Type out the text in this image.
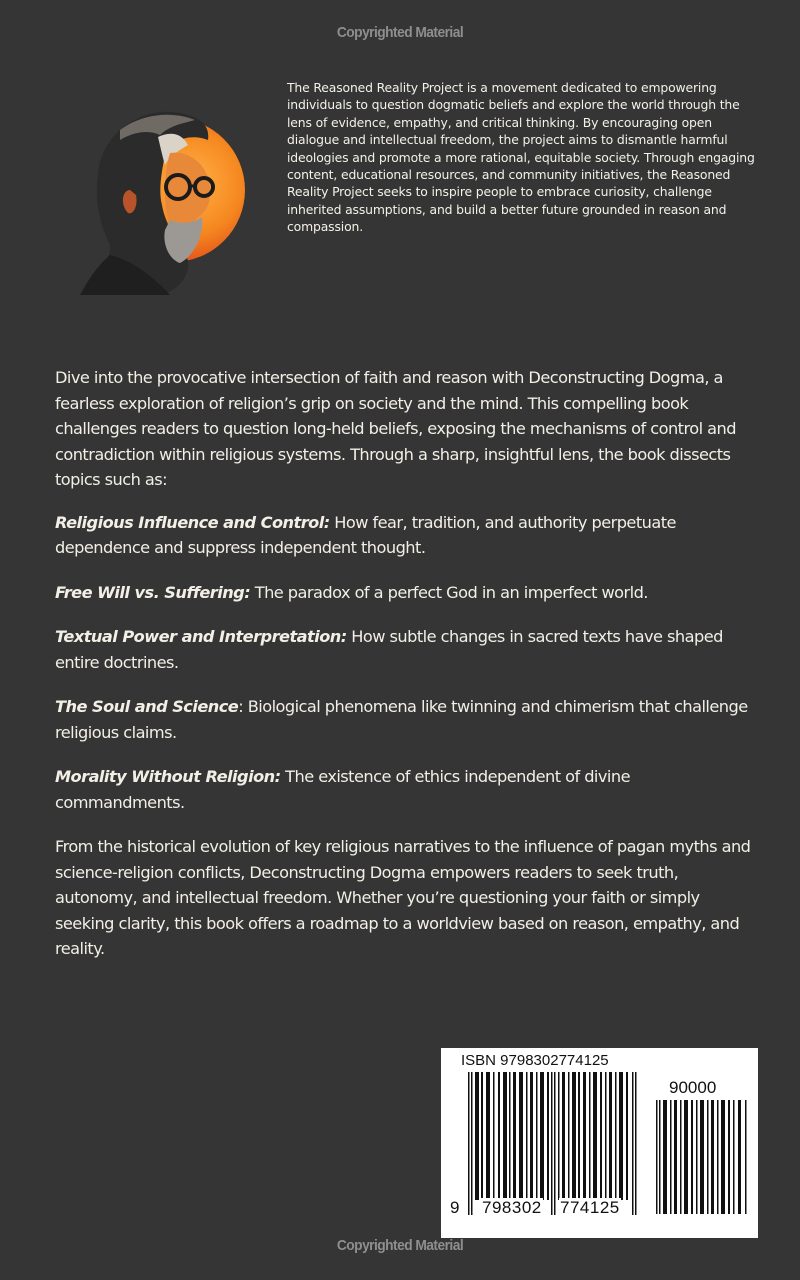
Copyrighted Material
The Reasoned Reality Project is a movement dedicated to empowering individuals to question dogmatic beliefs and explore the world through the lens of evidence, empathy, and critical thinking. By encouraging open dialogue and intellectual freedom, the project aims to dismantle harmful ideologies and promote a more rational, equitable society. Through engaging content, educational resources, and community initiatives, the Reasoned Reality Project seeks to inspire people to embrace curiosity, challenge inherited assumptions, and build a better future grounded in reason and compassion.

Dive into the provocative intersection of faith and reason with Deconstructing Dogma, a fearless exploration of religion’s grip on society and the mind. This compelling book challenges readers to question long-held beliefs, exposing the mechanisms of control and contradiction within religious systems. Through a sharp, insightful lens, the book dissects topics such as:

Religious Influence and Control: How fear, tradition, and authority perpetuate dependence and suppress independent thought.

Free Will vs. Suffering: The paradox of a perfect God in an imperfect world.

Textual Power and Interpretation: How subtle changes in sacred texts have shaped entire doctrines.

The Soul and Science: Biological phenomena like twinning and chimerism that challenge religious claims.

Morality Without Religion: The existence of ethics independent of divine commandments.

From the historical evolution of key religious narratives to the influence of pagan myths and science-religion conflicts, Deconstructing Dogma empowers readers to seek truth, autonomy, and intellectual freedom. Whether you’re questioning your faith or simply seeking clarity, this book offers a roadmap to a worldview based on reason, empathy, and reality.

ISBN 9798302774125
90000
9 798302 774125
Copyrighted Material
